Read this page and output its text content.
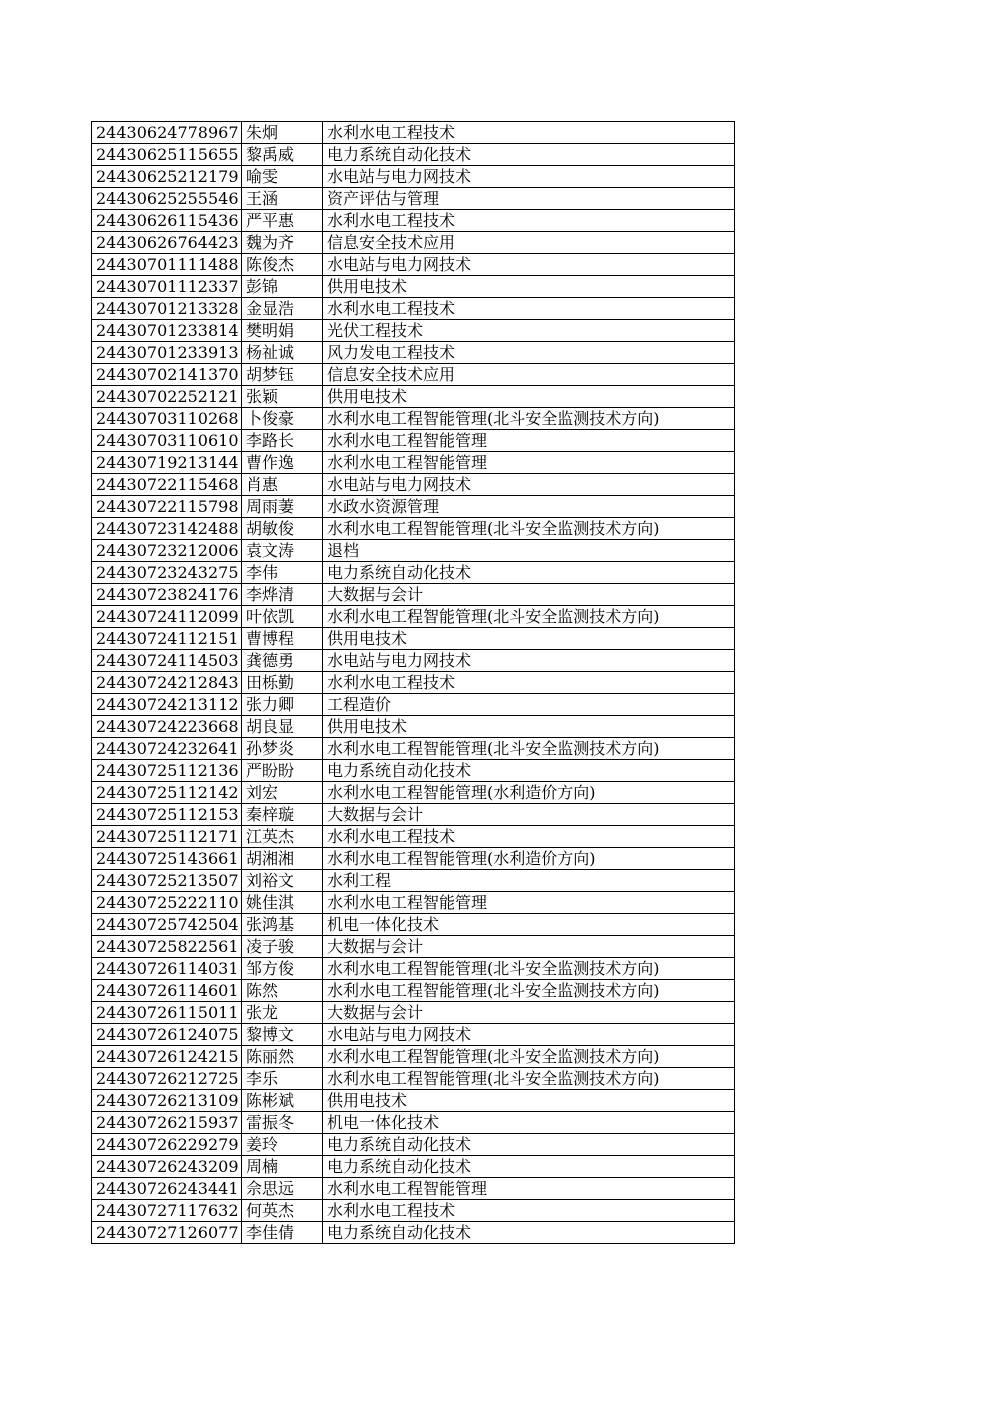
24430624778967	朱炯	水利水电工程技术
24430625115655	黎禹威	电力系统自动化技术
24430625212179	喻雯	水电站与电力网技术
24430625255546	王涵	资产评估与管理
24430626115436	严平惠	水利水电工程技术
24430626764423	魏为齐	信息安全技术应用
24430701111488	陈俊杰	水电站与电力网技术
24430701112337	彭锦	供用电技术
24430701213328	金显浩	水利水电工程技术
24430701233814	樊明娟	光伏工程技术
24430701233913	杨祉诚	风力发电工程技术
24430702141370	胡梦钰	信息安全技术应用
24430702252121	张颖	供用电技术
24430703110268	卜俊豪	水利水电工程智能管理(北斗安全监测技术方向)
24430703110610	李路长	水利水电工程智能管理
24430719213144	曹作逸	水利水电工程智能管理
24430722115468	肖惠	水电站与电力网技术
24430722115798	周雨萋	水政水资源管理
24430723142488	胡敏俊	水利水电工程智能管理(北斗安全监测技术方向)
24430723212006	袁文涛	退档
24430723243275	李伟	电力系统自动化技术
24430723824176	李烨清	大数据与会计
24430724112099	叶依凯	水利水电工程智能管理(北斗安全监测技术方向)
24430724112151	曹博程	供用电技术
24430724114503	龚德勇	水电站与电力网技术
24430724212843	田栎勤	水利水电工程技术
24430724213112	张力卿	工程造价
24430724223668	胡良显	供用电技术
24430724232641	孙梦炎	水利水电工程智能管理(北斗安全监测技术方向)
24430725112136	严盼盼	电力系统自动化技术
24430725112142	刘宏	水利水电工程智能管理(水利造价方向)
24430725112153	秦梓璇	大数据与会计
24430725112171	江英杰	水利水电工程技术
24430725143661	胡湘湘	水利水电工程智能管理(水利造价方向)
24430725213507	刘裕文	水利工程
24430725222110	姚佳淇	水利水电工程智能管理
24430725742504	张鸿基	机电一体化技术
24430725822561	凌子骏	大数据与会计
24430726114031	邹方俊	水利水电工程智能管理(北斗安全监测技术方向)
24430726114601	陈然	水利水电工程智能管理(北斗安全监测技术方向)
24430726115011	张龙	大数据与会计
24430726124075	黎博文	水电站与电力网技术
24430726124215	陈丽然	水利水电工程智能管理(北斗安全监测技术方向)
24430726212725	李乐	水利水电工程智能管理(北斗安全监测技术方向)
24430726213109	陈彬斌	供用电技术
24430726215937	雷振冬	机电一体化技术
24430726229279	姜玲	电力系统自动化技术
24430726243209	周楠	电力系统自动化技术
24430726243441	佘思远	水利水电工程智能管理
24430727117632	何英杰	水利水电工程技术
24430727126077	李佳倩	电力系统自动化技术
